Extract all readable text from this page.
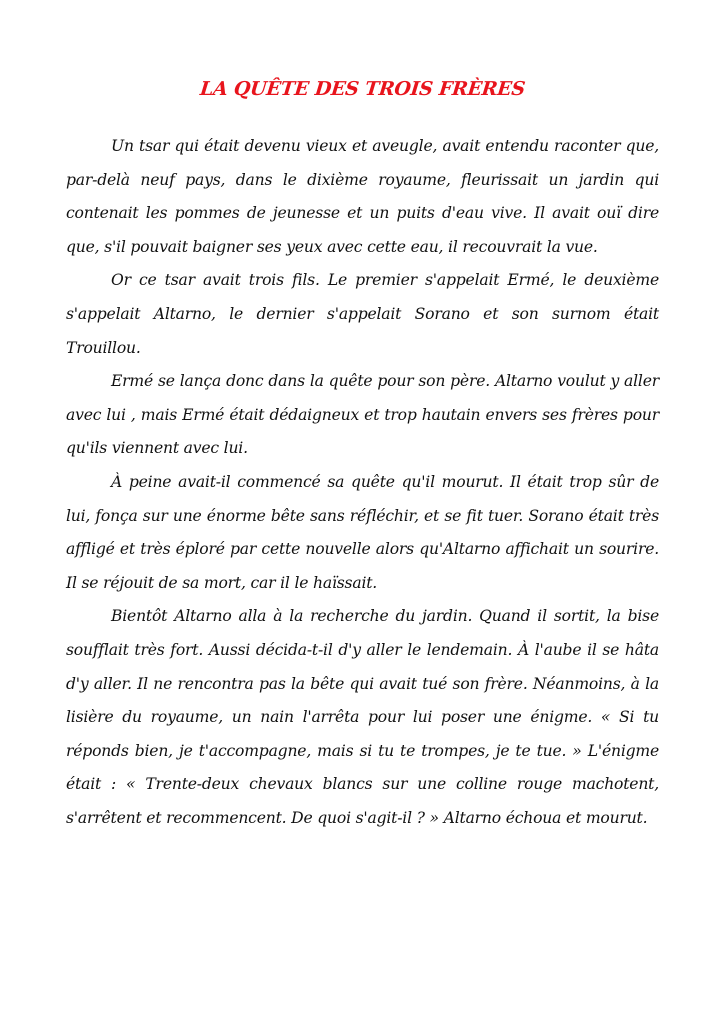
LA QUÊTE DES TROIS FRÈRES

Un tsar qui était devenu vieux et aveugle, avait entendu raconter que, par-delà neuf pays, dans le dixième royaume, fleurissait un jardin qui contenait les pommes de jeunesse et un puits d'eau vive. Il avait ouï dire que, s'il pouvait baigner ses yeux avec cette eau, il recouvrait la vue.

Or ce tsar avait trois fils. Le premier s'appelait Ermé, le deuxième s'appelait Altarno, le dernier s'appelait Sorano et son surnom était Trouillou.

Ermé se lança donc dans la quête pour son père. Altarno voulut y aller avec lui , mais Ermé était dédaigneux et trop hautain envers ses frères pour qu'ils viennent avec lui.

À peine avait-il commencé sa quête qu'il mourut. Il était trop sûr de lui, fonça sur une énorme bête sans réfléchir, et se fit tuer. Sorano était très affligé et très éploré par cette nouvelle alors qu'Altarno affichait un sourire. Il se réjouit de sa mort, car il le haïssait.

Bientôt Altarno alla à la recherche du jardin. Quand il sortit, la bise soufflait très fort. Aussi décida-t-il d'y aller le lendemain. À l'aube il se hâta d'y aller. Il ne rencontra pas la bête qui avait tué son frère. Néanmoins, à la lisière du royaume, un nain l'arrêta pour lui poser une énigme. « Si tu réponds bien, je t'accompagne, mais si tu te trompes, je te tue. » L'énigme était : « Trente-deux chevaux blancs sur une colline rouge machotent, s'arrêtent et recommencent. De quoi s'agit-il ? » Altarno échoua et mourut.
